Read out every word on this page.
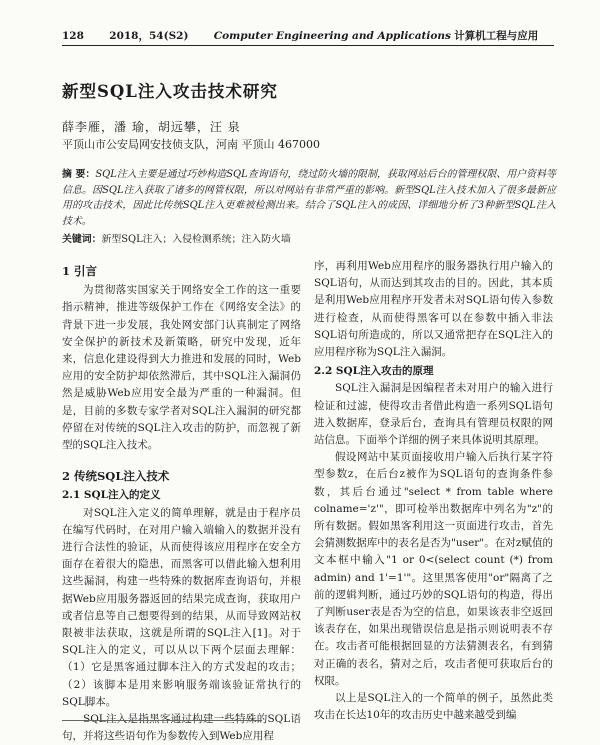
128 2018，54(S2) Computer Engineering and Applications 计算机工程与应用
新型SQL注入攻击技术研究
薛李雁，潘 瑜，胡远攀，汪 泉
平顶山市公安局网安技侦支队，河南 平顶山 467000
摘 要：SQL注入主要是通过巧妙构造SQL查询语句，绕过防火墙的限制，获取网站后台的管理权限、用户资料等信息。因SQL注入获取了诸多的网管权限，所以对网站有非常严重的影响。新型SQL注入技术加入了很多最新应用的攻击技术，因此比传统SQL注入更难被检测出来。结合了SQL注入的成因、详细地分析了3种新型SQL注入技术。
关键词：新型SQL注入；入侵检测系统；注入防火墙
1 引言

为贯彻落实国家关于网络安全工作的这一重要指示精神，推进等级保护工作在《网络安全法》的背景下进一步发展，我处网安部门认真制定了网络安全保护的新技术及新策略，研究中发现，近年来，信息化建设得到大力推进和发展的同时，Web应用的安全防护却依然滞后，其中SQL注入漏洞仍然是威胁Web应用安全最为严重的一种漏洞。但是，目前的多数专家学者对SQL注入漏洞的研究都停留在对传统的SQL注入攻击的防护，而忽视了新型的SQL注入技术。

2 传统SQL注入技术
2.1 SQL注入的定义

对SQL注入定义的简单理解，就是由于程序员在编写代码时，在对用户输入端输入的数据并没有进行合法性的验证，从而使得该应用程序在安全方面存在着很大的隐患，而黑客可以借此输入想利用这些漏洞，构建一些特殊的数据库查询语句，并根据Web应用服务器返回的结果完成查询，获取用户或者信息等自己想要得到的结果，从而导致网站权限被非法获取，这就是所谓的SQL注入[1]。对于SQL注入的定义，可以从以下两个层面去理解：（1）它是黑客通过脚本注入的方式发起的攻击；（2）该脚本是用来影响服务端该验证常执行的SQL脚本。

SQL注入是指黑客通过构建一些特殊的SQL语句，并将这些语句作为参数传入到Web应用程

序，再利用Web应用程序的服务器执行用户输入的SQL语句，从而达到其攻击的目的。因此，其本质是利用Web应用程序开发者未对SQL语句传入参数进行检查，从而使得黑客可以在参数中插入非法SQL语句所造成的，所以又通常把存在SQL注入的应用程序称为SQL注入漏洞。

2.2 SQL注入攻击的原理

SQL注入漏洞是因编程者未对用户的输入进行检证和过滤，使得攻击者借此构造一系列SQL语句进入数据库，登录后台，查询具有管理员权限的网站信息。下面举个详细的例子来具体说明其原理。

假设网站中某页面接收用户输入后执行某字符型参数z，在后台z被作为SQL语句的查询条件参数，其后台通过"select * from table where colname='z'"，即可检举出数据库中列名为"z"的所有数据。假如黑客利用这一页面进行攻击，首先会猜测数据库中的表名是否为"user"。在对z赋值的文本框中输入"1 or 0<(select count (*) from admin) and 1'=1'"。这里黑客使用"or"隔离了之前的逻辑判断，通过巧妙的SQL语句的构造，得出了判断user表是否为空的信息，如果该表非空返回该表存在，如果出现错误信息是指示则说明表不存在。攻击者可能根据回显的方法猜测表名，有到猜对正确的表名，猜对之后，攻击者便可获取后台的权限。

以上是SQL注入的一个简单的例子，虽然此类攻击在长达10年的攻击历史中越来越受到编
